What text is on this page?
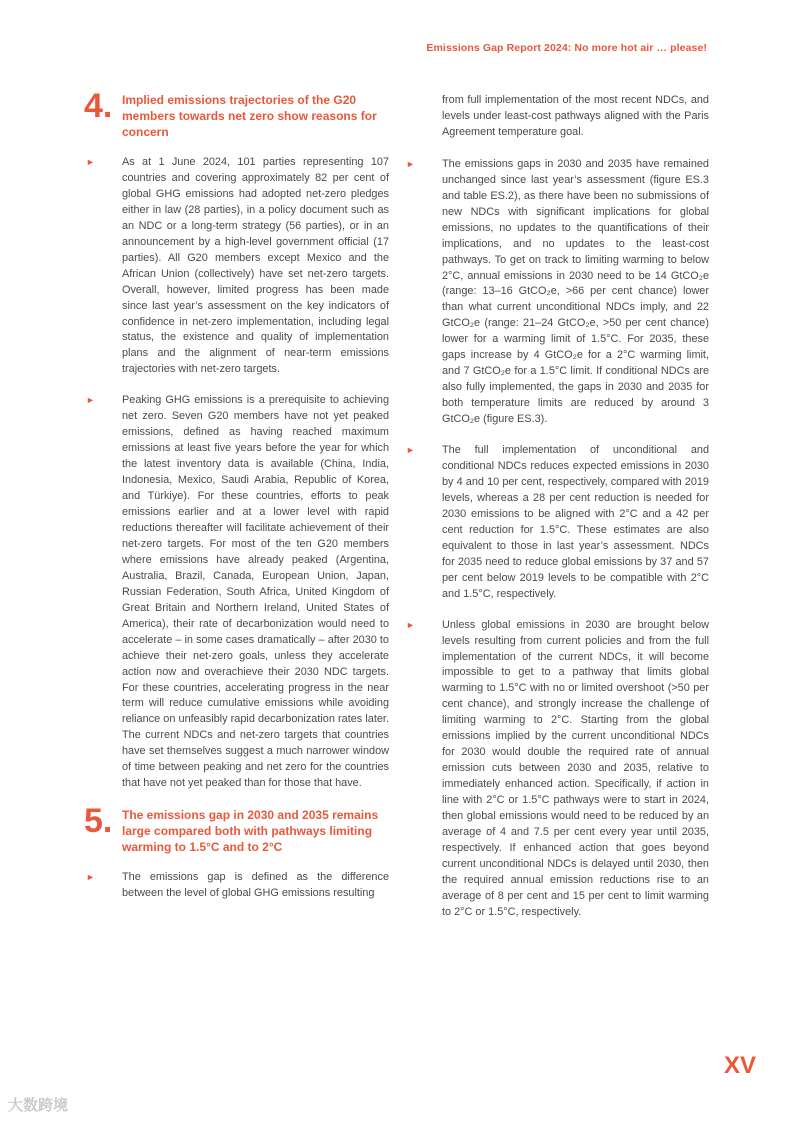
Emissions Gap Report 2024: No more hot air … please!
4. Implied emissions trajectories of the G20 members towards net zero show reasons for concern
► As at 1 June 2024, 101 parties representing 107 countries and covering approximately 82 per cent of global GHG emissions had adopted net-zero pledges either in law (28 parties), in a policy document such as an NDC or a long-term strategy (56 parties), or in an announcement by a high-level government official (17 parties). All G20 members except Mexico and the African Union (collectively) have set net-zero targets. Overall, however, limited progress has been made since last year’s assessment on the key indicators of confidence in net-zero implementation, including legal status, the existence and quality of implementation plans and the alignment of near-term emissions trajectories with net-zero targets.

► Peaking GHG emissions is a prerequisite to achieving net zero. Seven G20 members have not yet peaked emissions, defined as having reached maximum emissions at least five years before the year for which the latest inventory data is available (China, India, Indonesia, Mexico, Saudi Arabia, Republic of Korea, and Türkiye). For these countries, efforts to peak emissions earlier and at a lower level with rapid reductions thereafter will facilitate achievement of their net-zero targets. For most of the ten G20 members where emissions have already peaked (Argentina, Australia, Brazil, Canada, European Union, Japan, Russian Federation, South Africa, United Kingdom of Great Britain and Northern Ireland, United States of America), their rate of decarbonization would need to accelerate – in some cases dramatically – after 2030 to achieve their net-zero goals, unless they accelerate action now and overachieve their 2030 NDC targets. For these countries, accelerating progress in the near term will reduce cumulative emissions while avoiding reliance on unfeasibly rapid decarbonization rates later. The current NDCs and net-zero targets that countries have set themselves suggest a much narrower window of time between peaking and net zero for the countries that have not yet peaked than for those that have.

5. The emissions gap in 2030 and 2035 remains large compared both with pathways limiting warming to 1.5°C and to 2°C
► The emissions gap is defined as the difference between the level of global GHG emissions resulting

from full implementation of the most recent NDCs, and levels under least-cost pathways aligned with the Paris Agreement temperature goal.

► The emissions gaps in 2030 and 2035 have remained unchanged since last year’s assessment (figure ES.3 and table ES.2), as there have been no submissions of new NDCs with significant implications for global emissions, no updates to the quantifications of their implications, and no updates to the least-cost pathways. To get on track to limiting warming to below 2°C, annual emissions in 2030 need to be 14 GtCO₂e (range: 13–16 GtCO₂e, >66 per cent chance) lower than what current unconditional NDCs imply, and 22 GtCO₂e (range: 21–24 GtCO₂e, >50 per cent chance) lower for a warming limit of 1.5°C. For 2035, these gaps increase by 4 GtCO₂e for a 2°C warming limit, and 7 GtCO₂e for a 1.5°C limit. If conditional NDCs are also fully implemented, the gaps in 2030 and 2035 for both temperature limits are reduced by around 3 GtCO₂e (figure ES.3).

► The full implementation of unconditional and conditional NDCs reduces expected emissions in 2030 by 4 and 10 per cent, respectively, compared with 2019 levels, whereas a 28 per cent reduction is needed for 2030 emissions to be aligned with 2°C and a 42 per cent reduction for 1.5°C. These estimates are also equivalent to those in last year’s assessment. NDCs for 2035 need to reduce global emissions by 37 and 57 per cent below 2019 levels to be compatible with 2°C and 1.5°C, respectively.

► Unless global emissions in 2030 are brought below levels resulting from current policies and from the full implementation of the current NDCs, it will become impossible to get to a pathway that limits global warming to 1.5°C with no or limited overshoot (>50 per cent chance), and strongly increase the challenge of limiting warming to 2°C. Starting from the global emissions implied by the current unconditional NDCs for 2030 would double the required rate of annual emission cuts between 2030 and 2035, relative to immediately enhanced action. Specifically, if action in line with 2°C or 1.5°C pathways were to start in 2024, then global emissions would need to be reduced by an average of 4 and 7.5 per cent every year until 2035, respectively. If enhanced action that goes beyond current unconditional NDCs is delayed until 2030, then the required annual emission reductions rise to an average of 8 per cent and 15 per cent to limit warming to 2°C or 1.5°C, respectively.

XV
大数跨境
